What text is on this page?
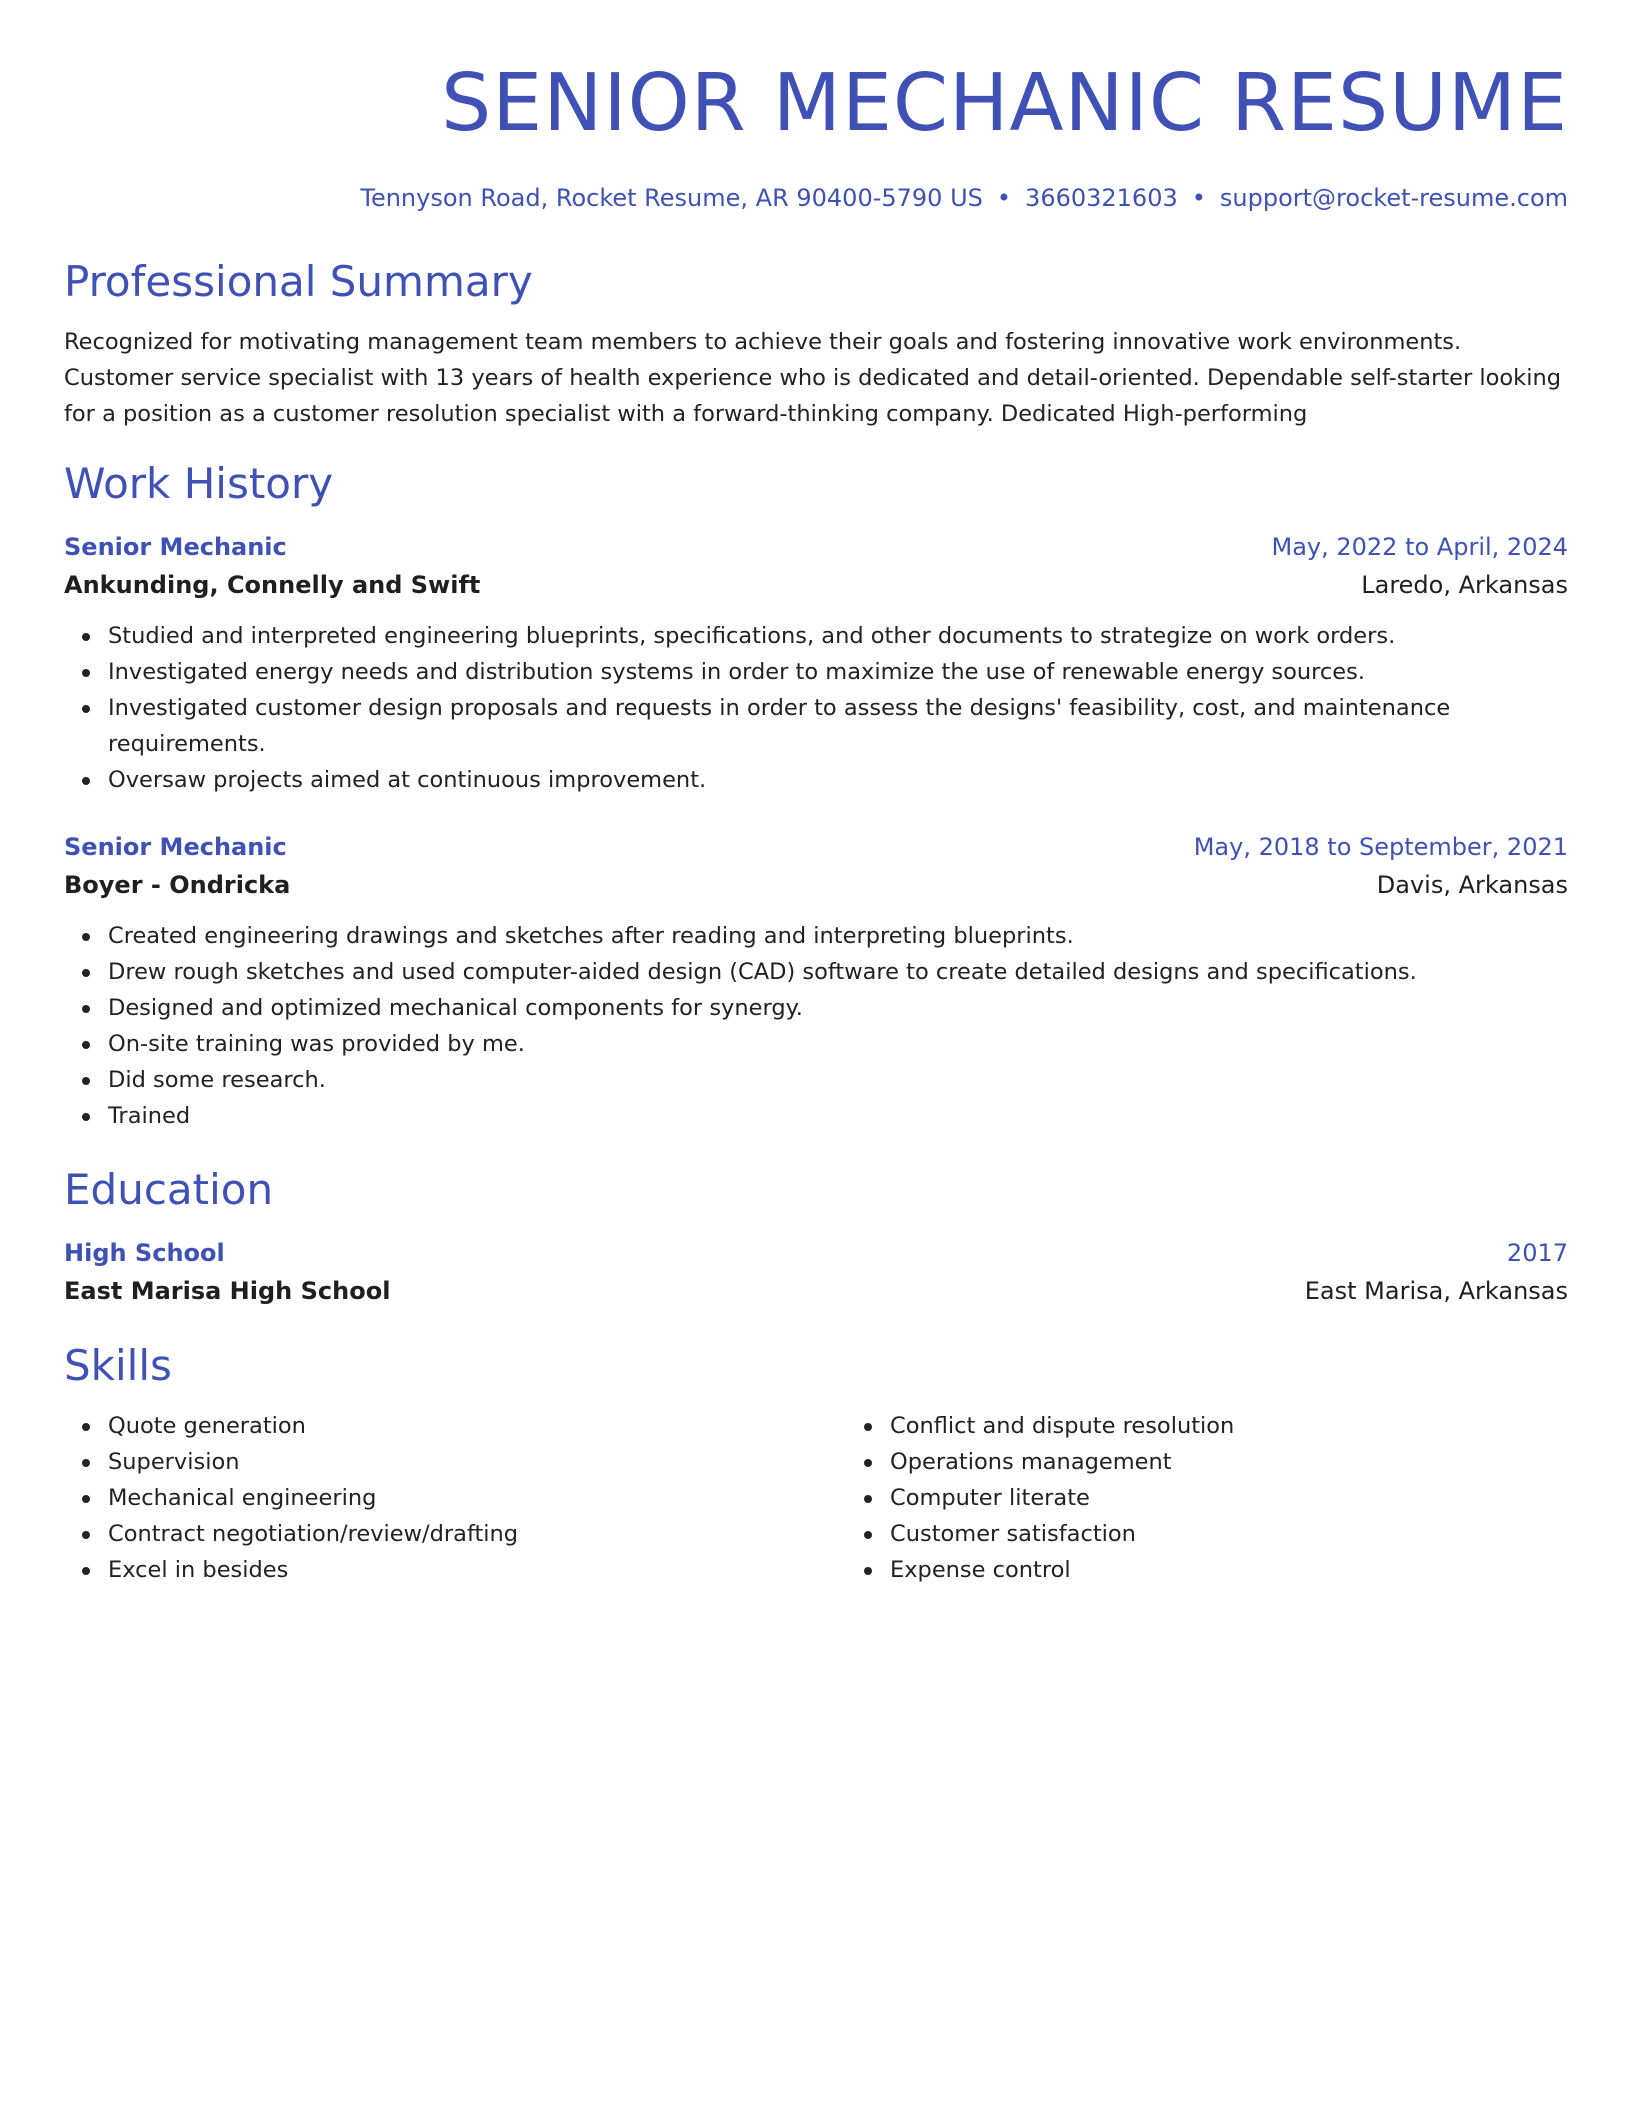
SENIOR MECHANIC RESUME
Tennyson Road, Rocket Resume, AR 90400-5790 US • 3660321603 • support@rocket-resume.com
Professional Summary

Recognized for motivating management team members to achieve their goals and fostering innovative work environments. Customer service specialist with 13 years of health experience who is dedicated and detail-oriented. Dependable self-starter looking for a position as a customer resolution specialist with a forward-thinking company. Dedicated High-performing

Work History
Senior Mechanic	May, 2022 to April, 2024
Ankunding, Connelly and Swift	Laredo, Arkansas
Studied and interpreted engineering blueprints, specifications, and other documents to strategize on work orders.
Investigated energy needs and distribution systems in order to maximize the use of renewable energy sources.
Investigated customer design proposals and requests in order to assess the designs' feasibility, cost, and maintenance requirements.
Oversaw projects aimed at continuous improvement.
Senior Mechanic	May, 2018 to September, 2021
Boyer - Ondricka	Davis, Arkansas
Created engineering drawings and sketches after reading and interpreting blueprints.
Drew rough sketches and used computer-aided design (CAD) software to create detailed designs and specifications.
Designed and optimized mechanical components for synergy.
On-site training was provided by me.
Did some research.
Trained
Education
High School	2017
East Marisa High School	East Marisa, Arkansas
Skills
Quote generation
Supervision
Mechanical engineering
Contract negotiation/review/drafting
Excel in besides
Conflict and dispute resolution
Operations management
Computer literate
Customer satisfaction
Expense control
